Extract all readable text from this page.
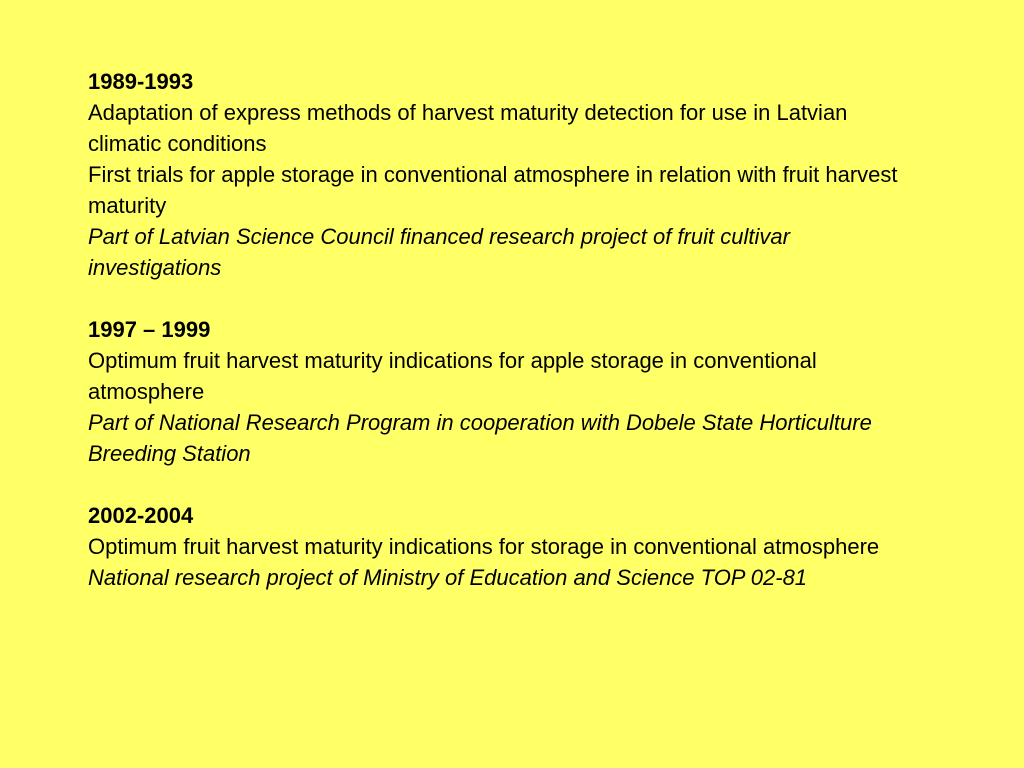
1989-1993
Adaptation of express methods of harvest maturity detection for use in Latvian climatic conditions
First trials for apple storage in conventional atmosphere in relation with fruit harvest maturity
Part of Latvian Science Council financed research project of fruit cultivar investigations
1997 – 1999
Optimum fruit harvest maturity indications for apple storage in conventional atmosphere
Part of National Research Program in cooperation with Dobele State Horticulture Breeding Station
2002-2004
Optimum fruit harvest maturity indications for storage in conventional atmosphere
National research project of Ministry of Education and Science TOP 02-81
